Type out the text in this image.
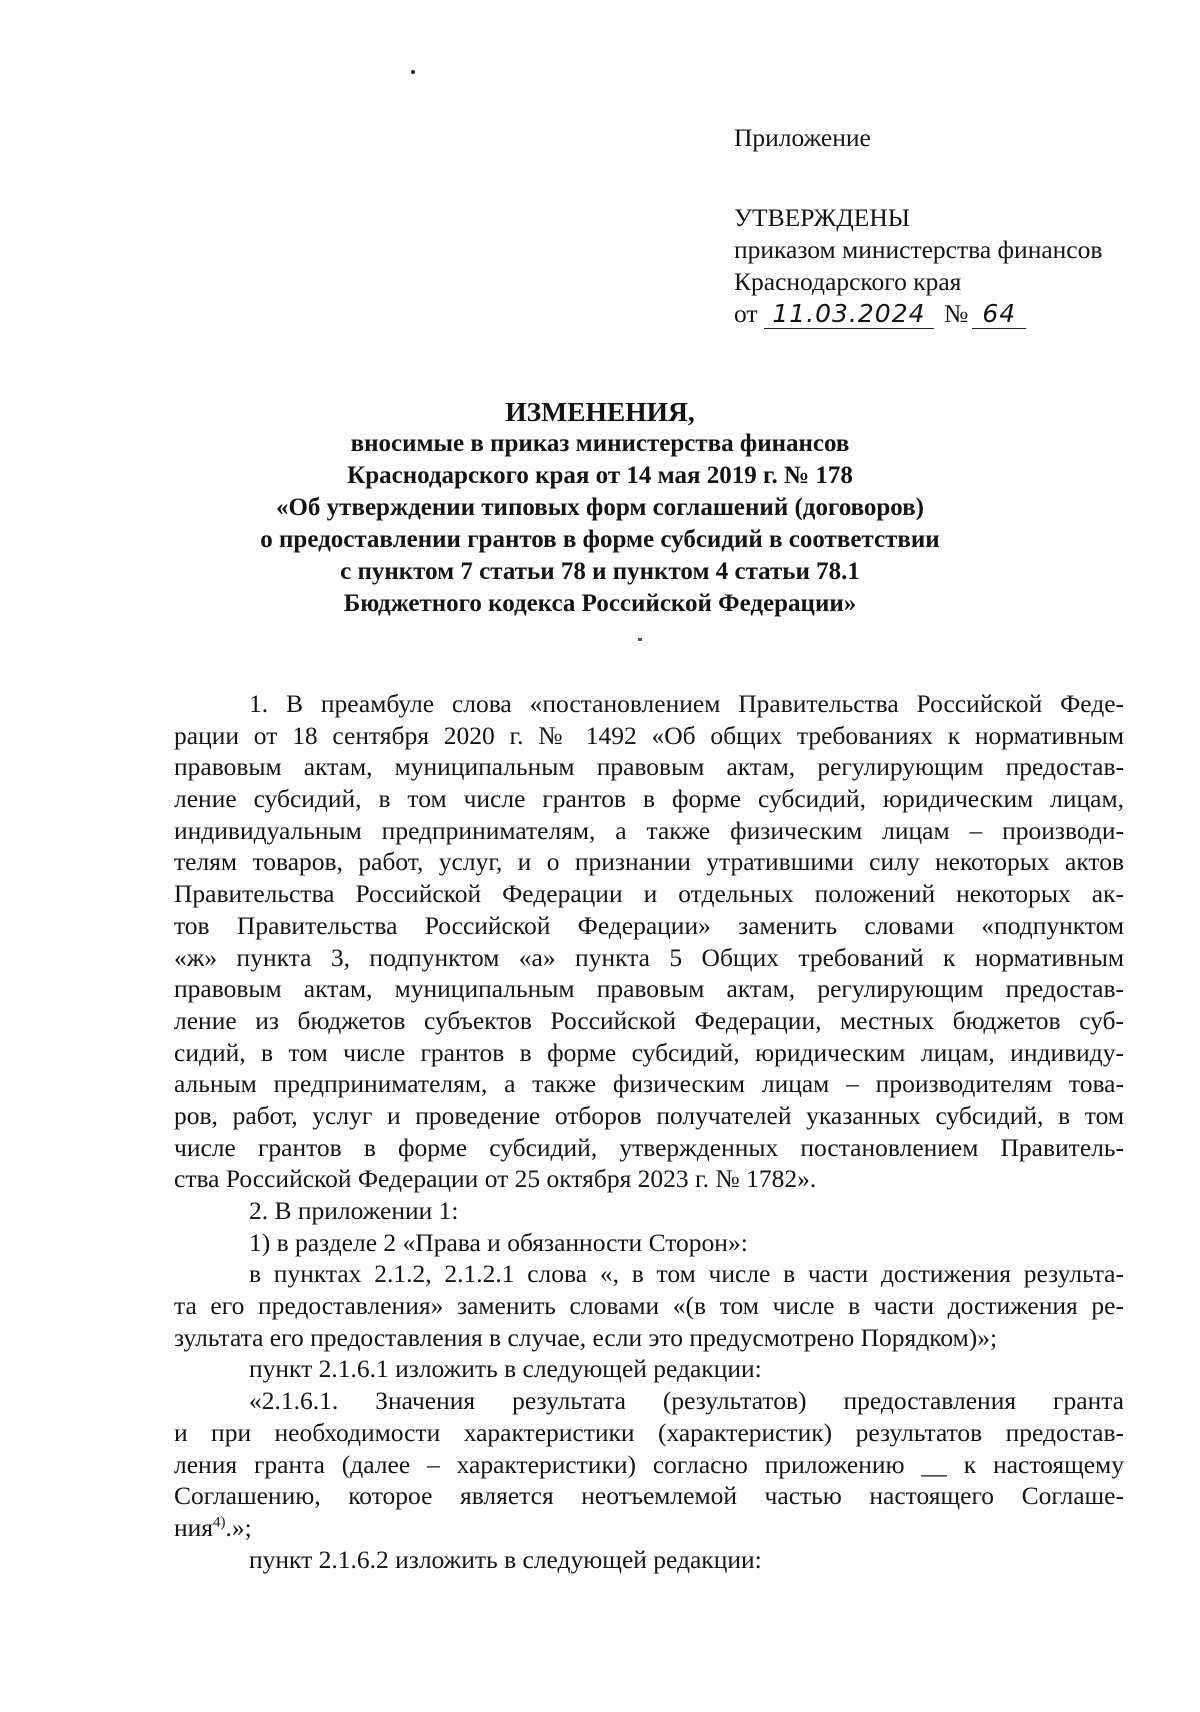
Приложение
УТВЕРЖДЕНЫ
приказом министерства финансов
Краснодарского края
от 11.03.2024 № 64
ИЗМЕНЕНИЯ,
вносимые в приказ министерства финансов
Краснодарского края от 14 мая 2019 г. № 178
«Об утверждении типовых форм соглашений (договоров)
о предоставлении грантов в форме субсидий в соответствии
с пунктом 7 статьи 78 и пунктом 4 статьи 78.1
Бюджетного кодекса Российской Федерации»
1. В преамбуле слова «постановлением Правительства Российской Феде-
рации от 18 сентября 2020 г. № 1492 «Об общих требованиях к нормативным
правовым актам, муниципальным правовым актам, регулирующим предостав-
ление субсидий, в том числе грантов в форме субсидий, юридическим лицам,
индивидуальным предпринимателям, а также физическим лицам – производи-
телям товаров, работ, услуг, и о признании утратившими силу некоторых актов
Правительства Российской Федерации и отдельных положений некоторых ак-
тов Правительства Российской Федерации» заменить словами «подпунктом
«ж» пункта 3, подпунктом «а» пункта 5 Общих требований к нормативным
правовым актам, муниципальным правовым актам, регулирующим предостав-
ление из бюджетов субъектов Российской Федерации, местных бюджетов суб-
сидий, в том числе грантов в форме субсидий, юридическим лицам, индивиду-
альным предпринимателям, а также физическим лицам – производителям това-
ров, работ, услуг и проведение отборов получателей указанных субсидий, в том
числе грантов в форме субсидий, утвержденных постановлением Правитель-
ства Российской Федерации от 25 октября 2023 г. № 1782».
2. В приложении 1:
1) в разделе 2 «Права и обязанности Сторон»:
в пунктах 2.1.2, 2.1.2.1 слова «, в том числе в части достижения результа-
та его предоставления» заменить словами «(в том числе в части достижения ре-
зультата его предоставления в случае, если это предусмотрено Порядком)»;
пункт 2.1.6.1 изложить в следующей редакции:
«2.1.6.1. Значения результата (результатов) предоставления гранта
и при необходимости характеристики (характеристик) результатов предостав-
ления гранта (далее – характеристики) согласно приложению __ к настоящему
Соглашению, которое является неотъемлемой частью настоящего Соглаше-
ния$^{4)}$.»;
пункт 2.1.6.2 изложить в следующей редакции:
